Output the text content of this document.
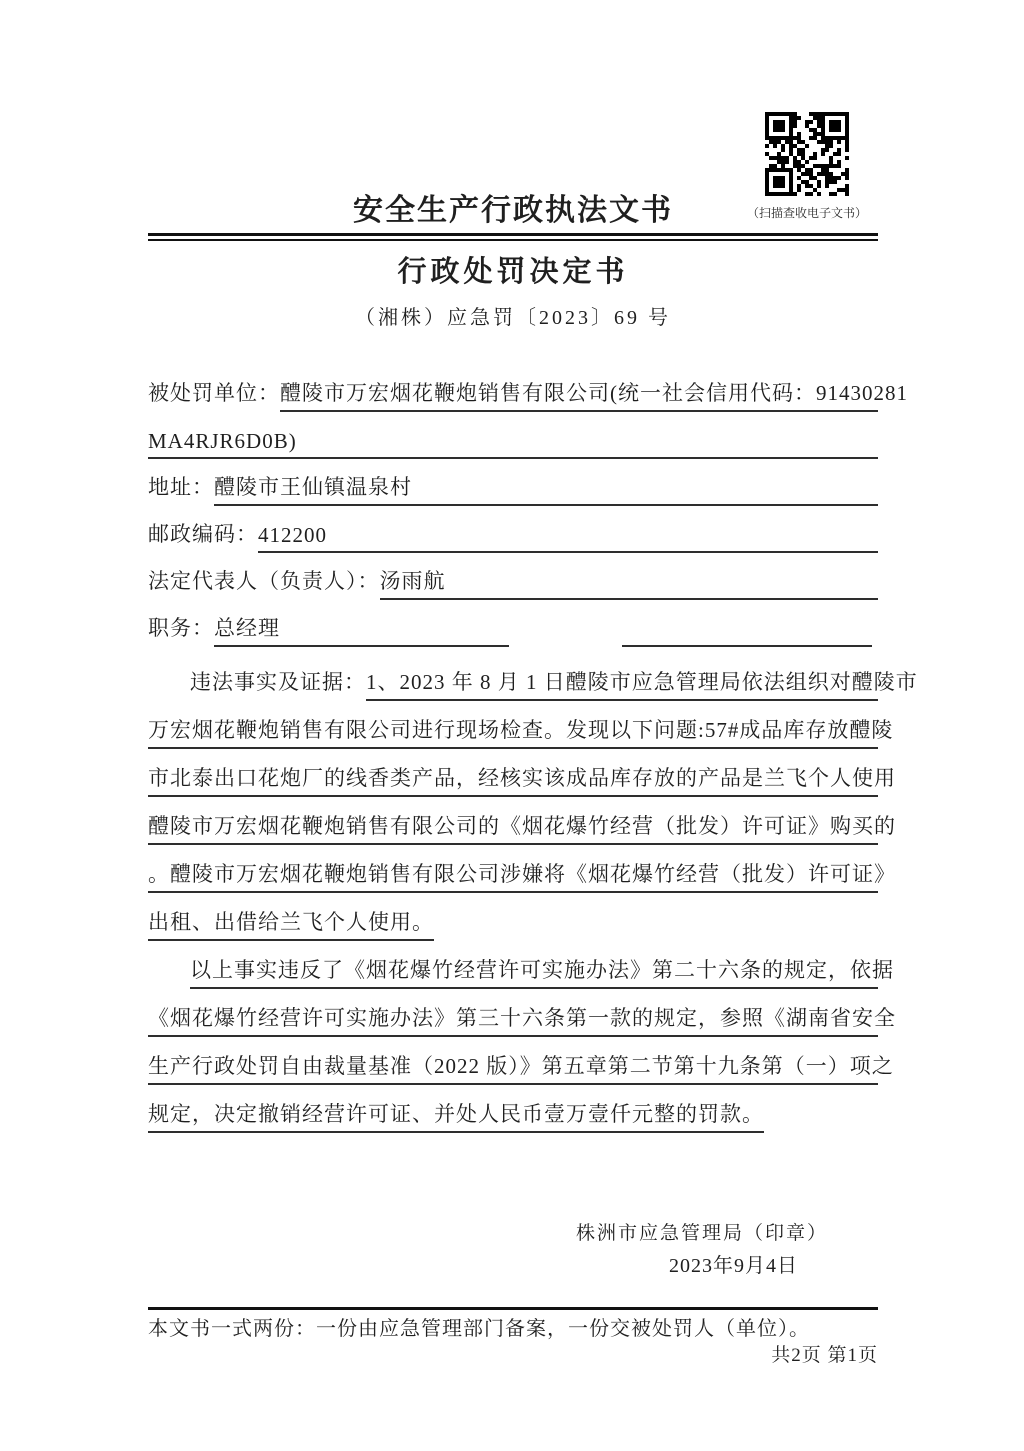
（扫描查收电子文书）
安全生产行政执法文书
行政处罚决定书
（湘株）应急罚〔2023〕69 号
被处罚单位： 醴陵市万宏烟花鞭炮销售有限公司(统一社会信用代码：91430281
MA4RJR6D0B)
地址： 醴陵市王仙镇温泉村
邮政编码： 412200
法定代表人（负责人）： 汤雨航
职务： 总经理
违法事实及证据： 1、2023 年 8 月 1 日醴陵市应急管理局依法组织对醴陵市
万宏烟花鞭炮销售有限公司进行现场检查。发现以下问题:57#成品库存放醴陵
市北泰出口花炮厂的线香类产品，经核实该成品库存放的产品是兰飞个人使用
醴陵市万宏烟花鞭炮销售有限公司的《烟花爆竹经营（批发）许可证》购买的
。醴陵市万宏烟花鞭炮销售有限公司涉嫌将《烟花爆竹经营（批发）许可证》
出租、出借给兰飞个人使用。
以上事实违反了《烟花爆竹经营许可实施办法》第二十六条的规定，依据
《烟花爆竹经营许可实施办法》第三十六条第一款的规定，参照《湖南省安全
生产行政处罚自由裁量基准（2022 版）》第五章第二节第十九条第（一）项之
规定，决定撤销经营许可证、并处人民币壹万壹仟元整的罚款。
株洲市应急管理局（印章）
2023年9月4日
本文书一式两份：一份由应急管理部门备案，一份交被处罚人（单位）。
共2页 第1页
